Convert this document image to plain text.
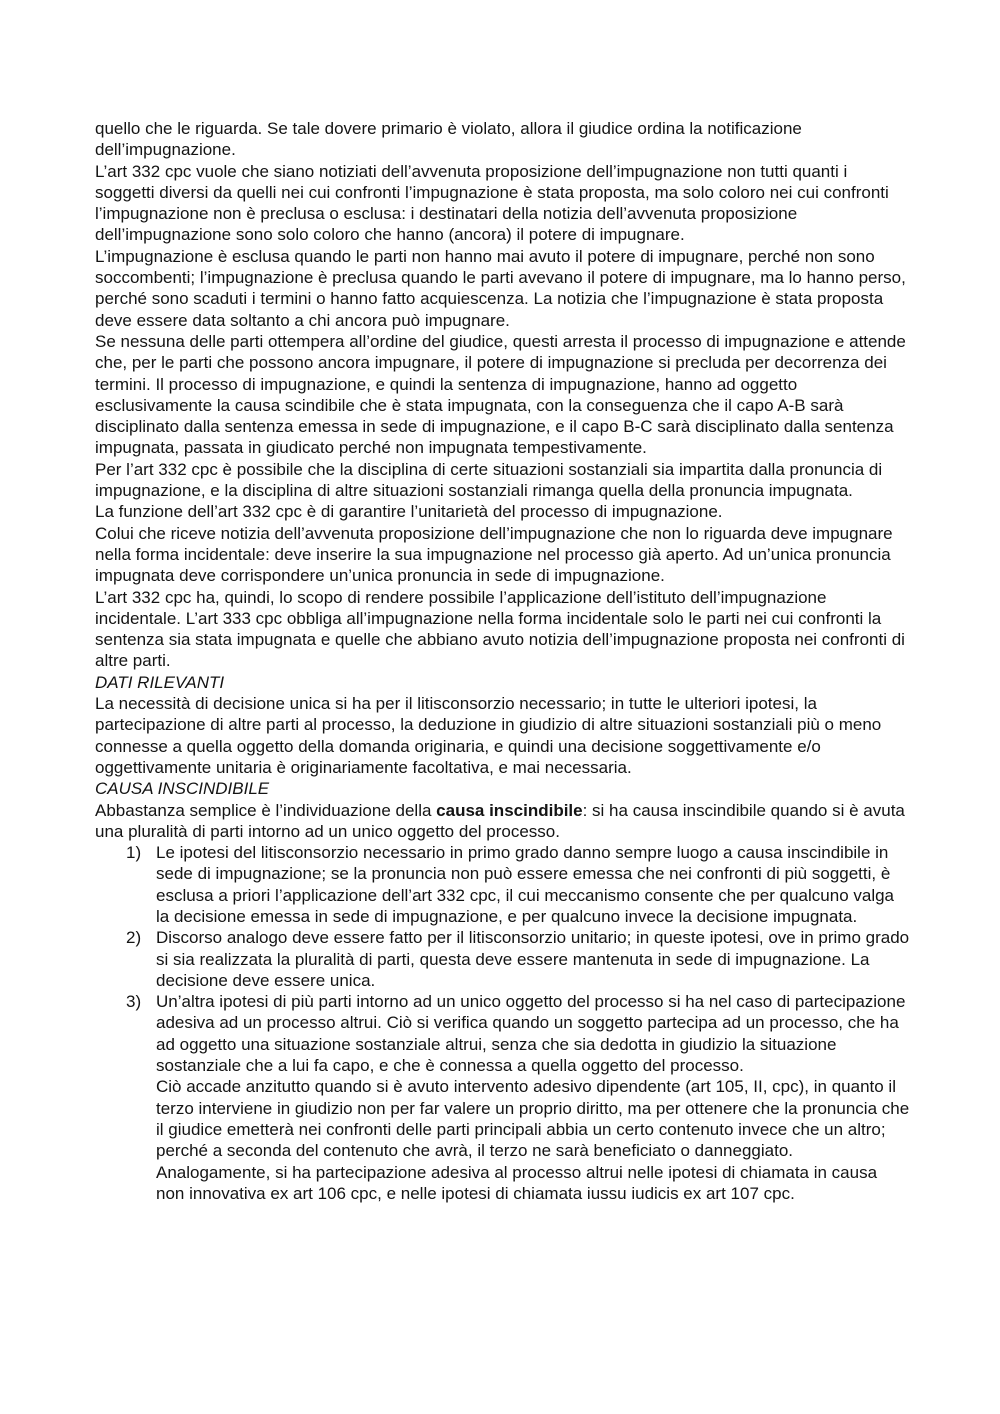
quello che le riguarda. Se tale dovere primario è violato, allora il giudice ordina la notificazione dell’impugnazione.

L’art 332 cpc vuole che siano notiziati dell’avvenuta proposizione dell’impugnazione non tutti quanti i soggetti diversi da quelli nei cui confronti l’impugnazione è stata proposta, ma solo coloro nei cui confronti l’impugnazione non è preclusa o esclusa: i destinatari della notizia dell’avvenuta proposizione dell’impugnazione sono solo coloro che hanno (ancora) il potere di impugnare.

L’impugnazione è esclusa quando le parti non hanno mai avuto il potere di impugnare, perché non sono soccombenti; l’impugnazione è preclusa quando le parti avevano il potere di impugnare, ma lo hanno perso, perché sono scaduti i termini o hanno fatto acquiescenza. La notizia che l’impugnazione è stata proposta deve essere data soltanto a chi ancora può impugnare.

Se nessuna delle parti ottempera all’ordine del giudice, questi arresta il processo di impugnazione e attende che, per le parti che possono ancora impugnare, il potere di impugnazione si precluda per decorrenza dei termini. Il processo di impugnazione, e quindi la sentenza di impugnazione, hanno ad oggetto esclusivamente la causa scindibile che è stata impugnata, con la conseguenza che il capo A-B sarà disciplinato dalla sentenza emessa in sede di impugnazione, e il capo B-C sarà disciplinato dalla sentenza impugnata, passata in giudicato perché non impugnata tempestivamente.

Per l’art 332 cpc è possibile che la disciplina di certe situazioni sostanziali sia impartita dalla pronuncia di impugnazione, e la disciplina di altre situazioni sostanziali rimanga quella della pronuncia impugnata.

La funzione dell’art 332 cpc è di garantire l’unitarietà del processo di impugnazione.

Colui che riceve notizia dell’avvenuta proposizione dell’impugnazione che non lo riguarda deve impugnare nella forma incidentale: deve inserire la sua impugnazione nel processo già aperto. Ad un’unica pronuncia impugnata deve corrispondere un’unica pronuncia in sede di impugnazione.

L’art 332 cpc ha, quindi, lo scopo di rendere possibile l’applicazione dell’istituto dell’impugnazione incidentale. L’art 333 cpc obbliga all’impugnazione nella forma incidentale solo le parti nei cui confronti la sentenza sia stata impugnata e quelle che abbiano avuto notizia dell’impugnazione proposta nei confronti di altre parti.

DATI RILEVANTI

La necessità di decisione unica si ha per il litisconsorzio necessario; in tutte le ulteriori ipotesi, la partecipazione di altre parti al processo, la deduzione in giudizio di altre situazioni sostanziali più o meno connesse a quella oggetto della domanda originaria, e quindi una decisione soggettivamente e/o oggettivamente unitaria è originariamente facoltativa, e mai necessaria.

CAUSA INSCINDIBILE

Abbastanza semplice è l’individuazione della causa inscindibile: si ha causa inscindibile quando si è avuta una pluralità di parti intorno ad un unico oggetto del processo.

1) Le ipotesi del litisconsorzio necessario in primo grado danno sempre luogo a causa inscindibile in sede di impugnazione; se la pronuncia non può essere emessa che nei confronti di più soggetti, è esclusa a priori l’applicazione dell’art 332 cpc, il cui meccanismo consente che per qualcuno valga la decisione emessa in sede di impugnazione, e per qualcuno invece la decisione impugnata.

2) Discorso analogo deve essere fatto per il litisconsorzio unitario; in queste ipotesi, ove in primo grado si sia realizzata la pluralità di parti, questa deve essere mantenuta in sede di impugnazione. La decisione deve essere unica.

3) Un’altra ipotesi di più parti intorno ad un unico oggetto del processo si ha nel caso di partecipazione adesiva ad un processo altrui. Ciò si verifica quando un soggetto partecipa ad un processo, che ha ad oggetto una situazione sostanziale altrui, senza che sia dedotta in giudizio la situazione sostanziale che a lui fa capo, e che è connessa a quella oggetto del processo.

Ciò accade anzitutto quando si è avuto intervento adesivo dipendente (art 105, II, cpc), in quanto il terzo interviene in giudizio non per far valere un proprio diritto, ma per ottenere che la pronuncia che il giudice emetterà nei confronti delle parti principali abbia un certo contenuto invece che un altro; perché a seconda del contenuto che avrà, il terzo ne sarà beneficiato o danneggiato. Analogamente, si ha partecipazione adesiva al processo altrui nelle ipotesi di chiamata in causa non innovativa ex art 106 cpc, e nelle ipotesi di chiamata iussu iudicis ex art 107 cpc.
